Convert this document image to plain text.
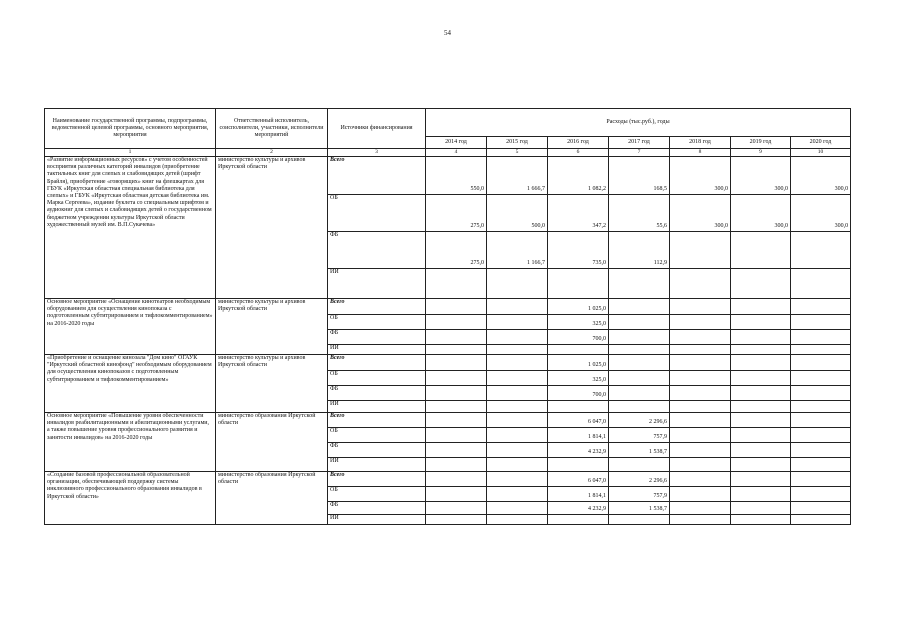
54
Наименование государственной программы, подпрограммы, ведомственной целевой программы, основного мероприятия, мероприятия	Ответственный исполнитель, соисполнители, участники, исполнители мероприятий	Источники финансирования	Расходы (тыс.руб.), годы						
			2014 год	2015 год	2016 год	2017 год	2018 год	2019 год	2020 год
1	2	3	4	5	6	7	8	9	10
«Развитие информационных ресурсов» с учетом особенностей восприятия различных категорий инвалидов (приобретение тактильных книг для слепых и слабовидящих детей (шрифт Брайля), приобретение «говорящих» книг на флешкартах для ГБУК «Иркутская областная специальная библиотека для слепых» и ГБУК «Иркутская областная детская библиотека им. Марка Сергеева», издание буклета со специальным шрифтом и аудиокниг для слепых и слабовидящих детей о государственном бюджетном учреждении культуры Иркутской области художественный музей им. В.П.Сукачева»	министерство культуры и архивов Иркутской области	Всего	550,0	1 666,7	1 082,2	168,5	300,0	300,0	300,0
		ОБ	275,0	500,0	347,2	55,6	300,0	300,0	300,0
		ФБ	275,0	1 166,7	735,0	112,9			
		ИИ							
Основное мероприятие «Оснащение кинотеатров необходимым оборудованием для осуществления кинопоказа с подготовленным субтитрированием и тифлокомментированием» на 2016-2020 годы	министерство культуры и архивов Иркутской области	Всего			1 025,0				
		ОБ			325,0				
		ФБ			700,0				
		ИИ							
«Приобретение и оснащение кинозала "Дом кино" ОГАУК "Иркутский областной кинофонд" необходимым оборудованием для осуществления кинопоказов с подготовленным субтитрированием и тифлокомментированием»	министерство культуры и архивов Иркутской области	Всего			1 025,0				
		ОБ			325,0				
		ФБ			700,0				
		ИИ							
Основное мероприятие «Повышение уровня обеспеченности инвалидов реабилитационными и абилитационными услугами, а также повышение уровня профессионального развития и занятости инвалидов» на 2016-2020 годы	министерство образования Иркутской области	Всего			6 047,0	2 296,6			
		ОБ			1 814,1	757,9			
		ФБ			4 232,9	1 538,7			
		ИИ							
«Создание базовой профессиональной образовательной организации, обеспечивающей поддержку системы инклюзивного профессионального образования инвалидов в Иркутской области»	министерство образования Иркутской области	Всего			6 047,0	2 296,6			
		ОБ			1 814,1	757,9			
		ФБ			4 232,9	1 538,7			
		ИИ							
